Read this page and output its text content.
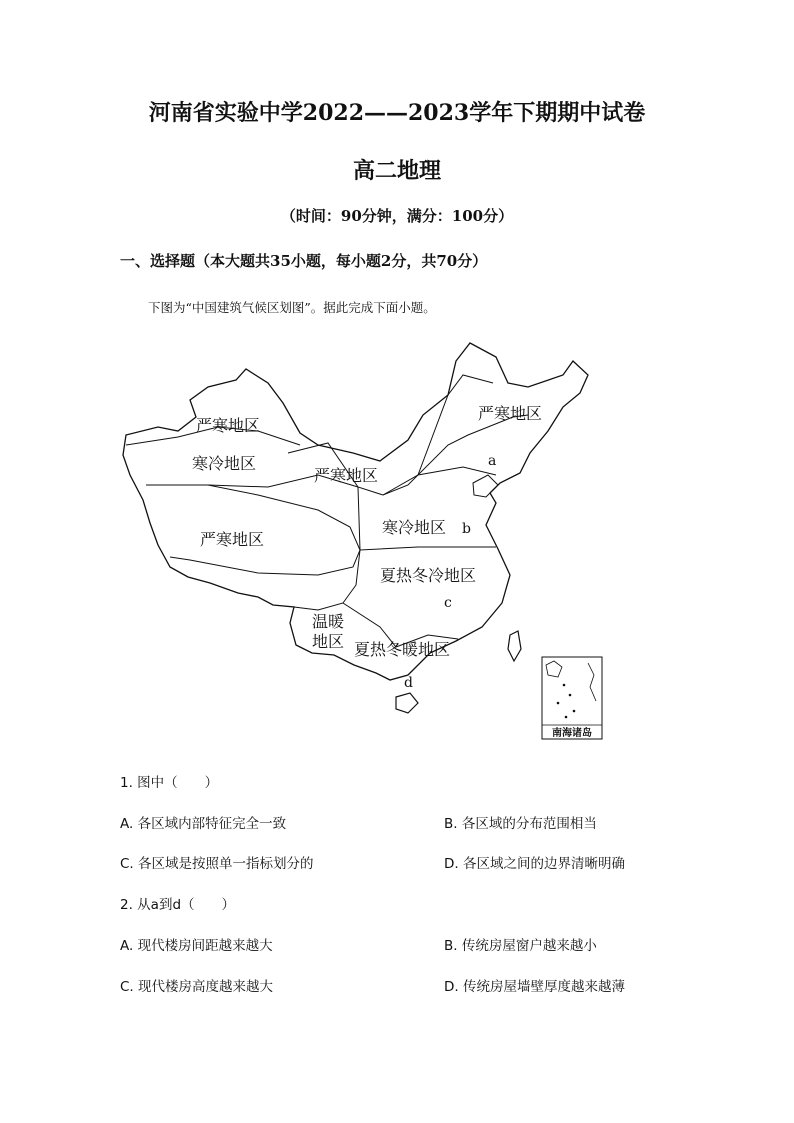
河南省实验中学2022——2023学年下期期中试卷
高二地理
（时间：90分钟，满分：100分）
一、选择题（本大题共35小题，每小题2分，共70分）
下图为“中国建筑气候区划图”。据此完成下面小题。
严寒地区
寒冷地区
严寒地区
严寒地区
严寒地区
寒冷地区
夏热冬冷地区
温暖
地区 夏热冬暖地区
a
b
c
d
南海诸岛
1. 图中（　　）
A. 各区域内部特征完全一致	B. 各区域的分布范围相当
C. 各区域是按照单一指标划分的	D. 各区域之间的边界清晰明确
2. 从a到d（　　）
A. 现代楼房间距越来越大	B. 传统房屋窗户越来越小
C. 现代楼房高度越来越大	D. 传统房屋墙壁厚度越来越薄
